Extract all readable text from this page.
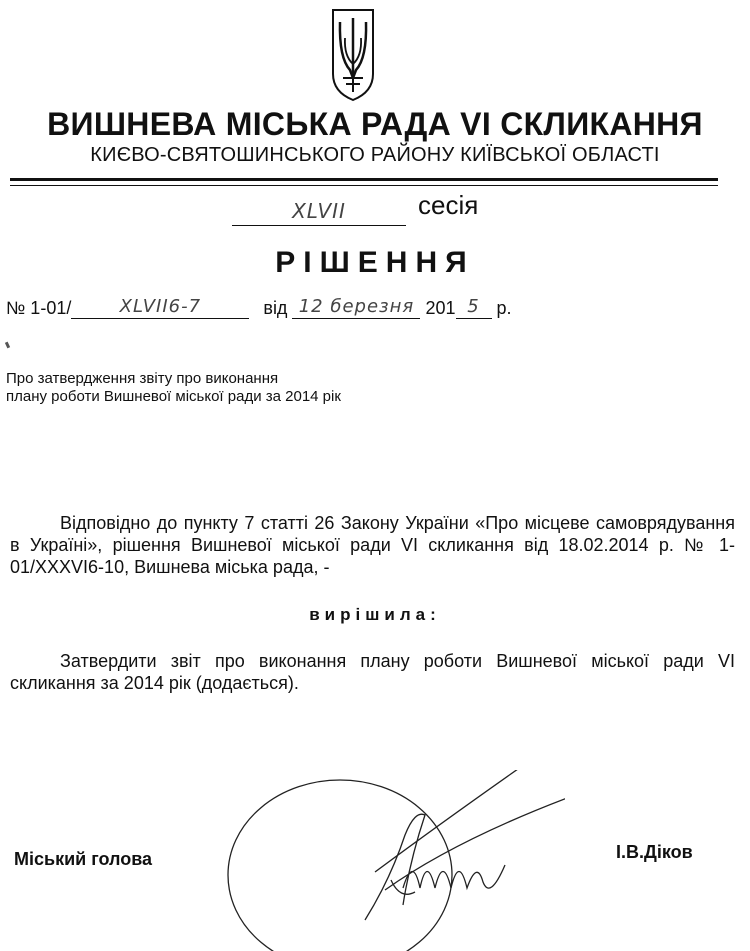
ВИШНЕВА МІСЬКА РАДА VІ СКЛИКАННЯ
КИЄВО-СВЯТОШИНСЬКОГО РАЙОНУ КИЇВСЬКОЇ ОБЛАСТІ
XLVII	сесія
РІШЕННЯ
№ 1-01/	XLVII6-7	від 12 березня 201 5 р.
Про затвердження звіту про виконання
плану роботи Вишневої міської ради за 2014 рік
Відповідно до пункту 7 статті 26 Закону України «Про місцеве самоврядування в Україні», рішення Вишневої міської ради VІ скликання від 18.02.2014 р. № 1-01/XXXVI6-10, Вишнева міська рада, -
вирішила:
Затвердити звіт про виконання плану роботи Вишневої міської ради VІ скликання за 2014 рік (додається).
Міський голова	І.В.Діков
